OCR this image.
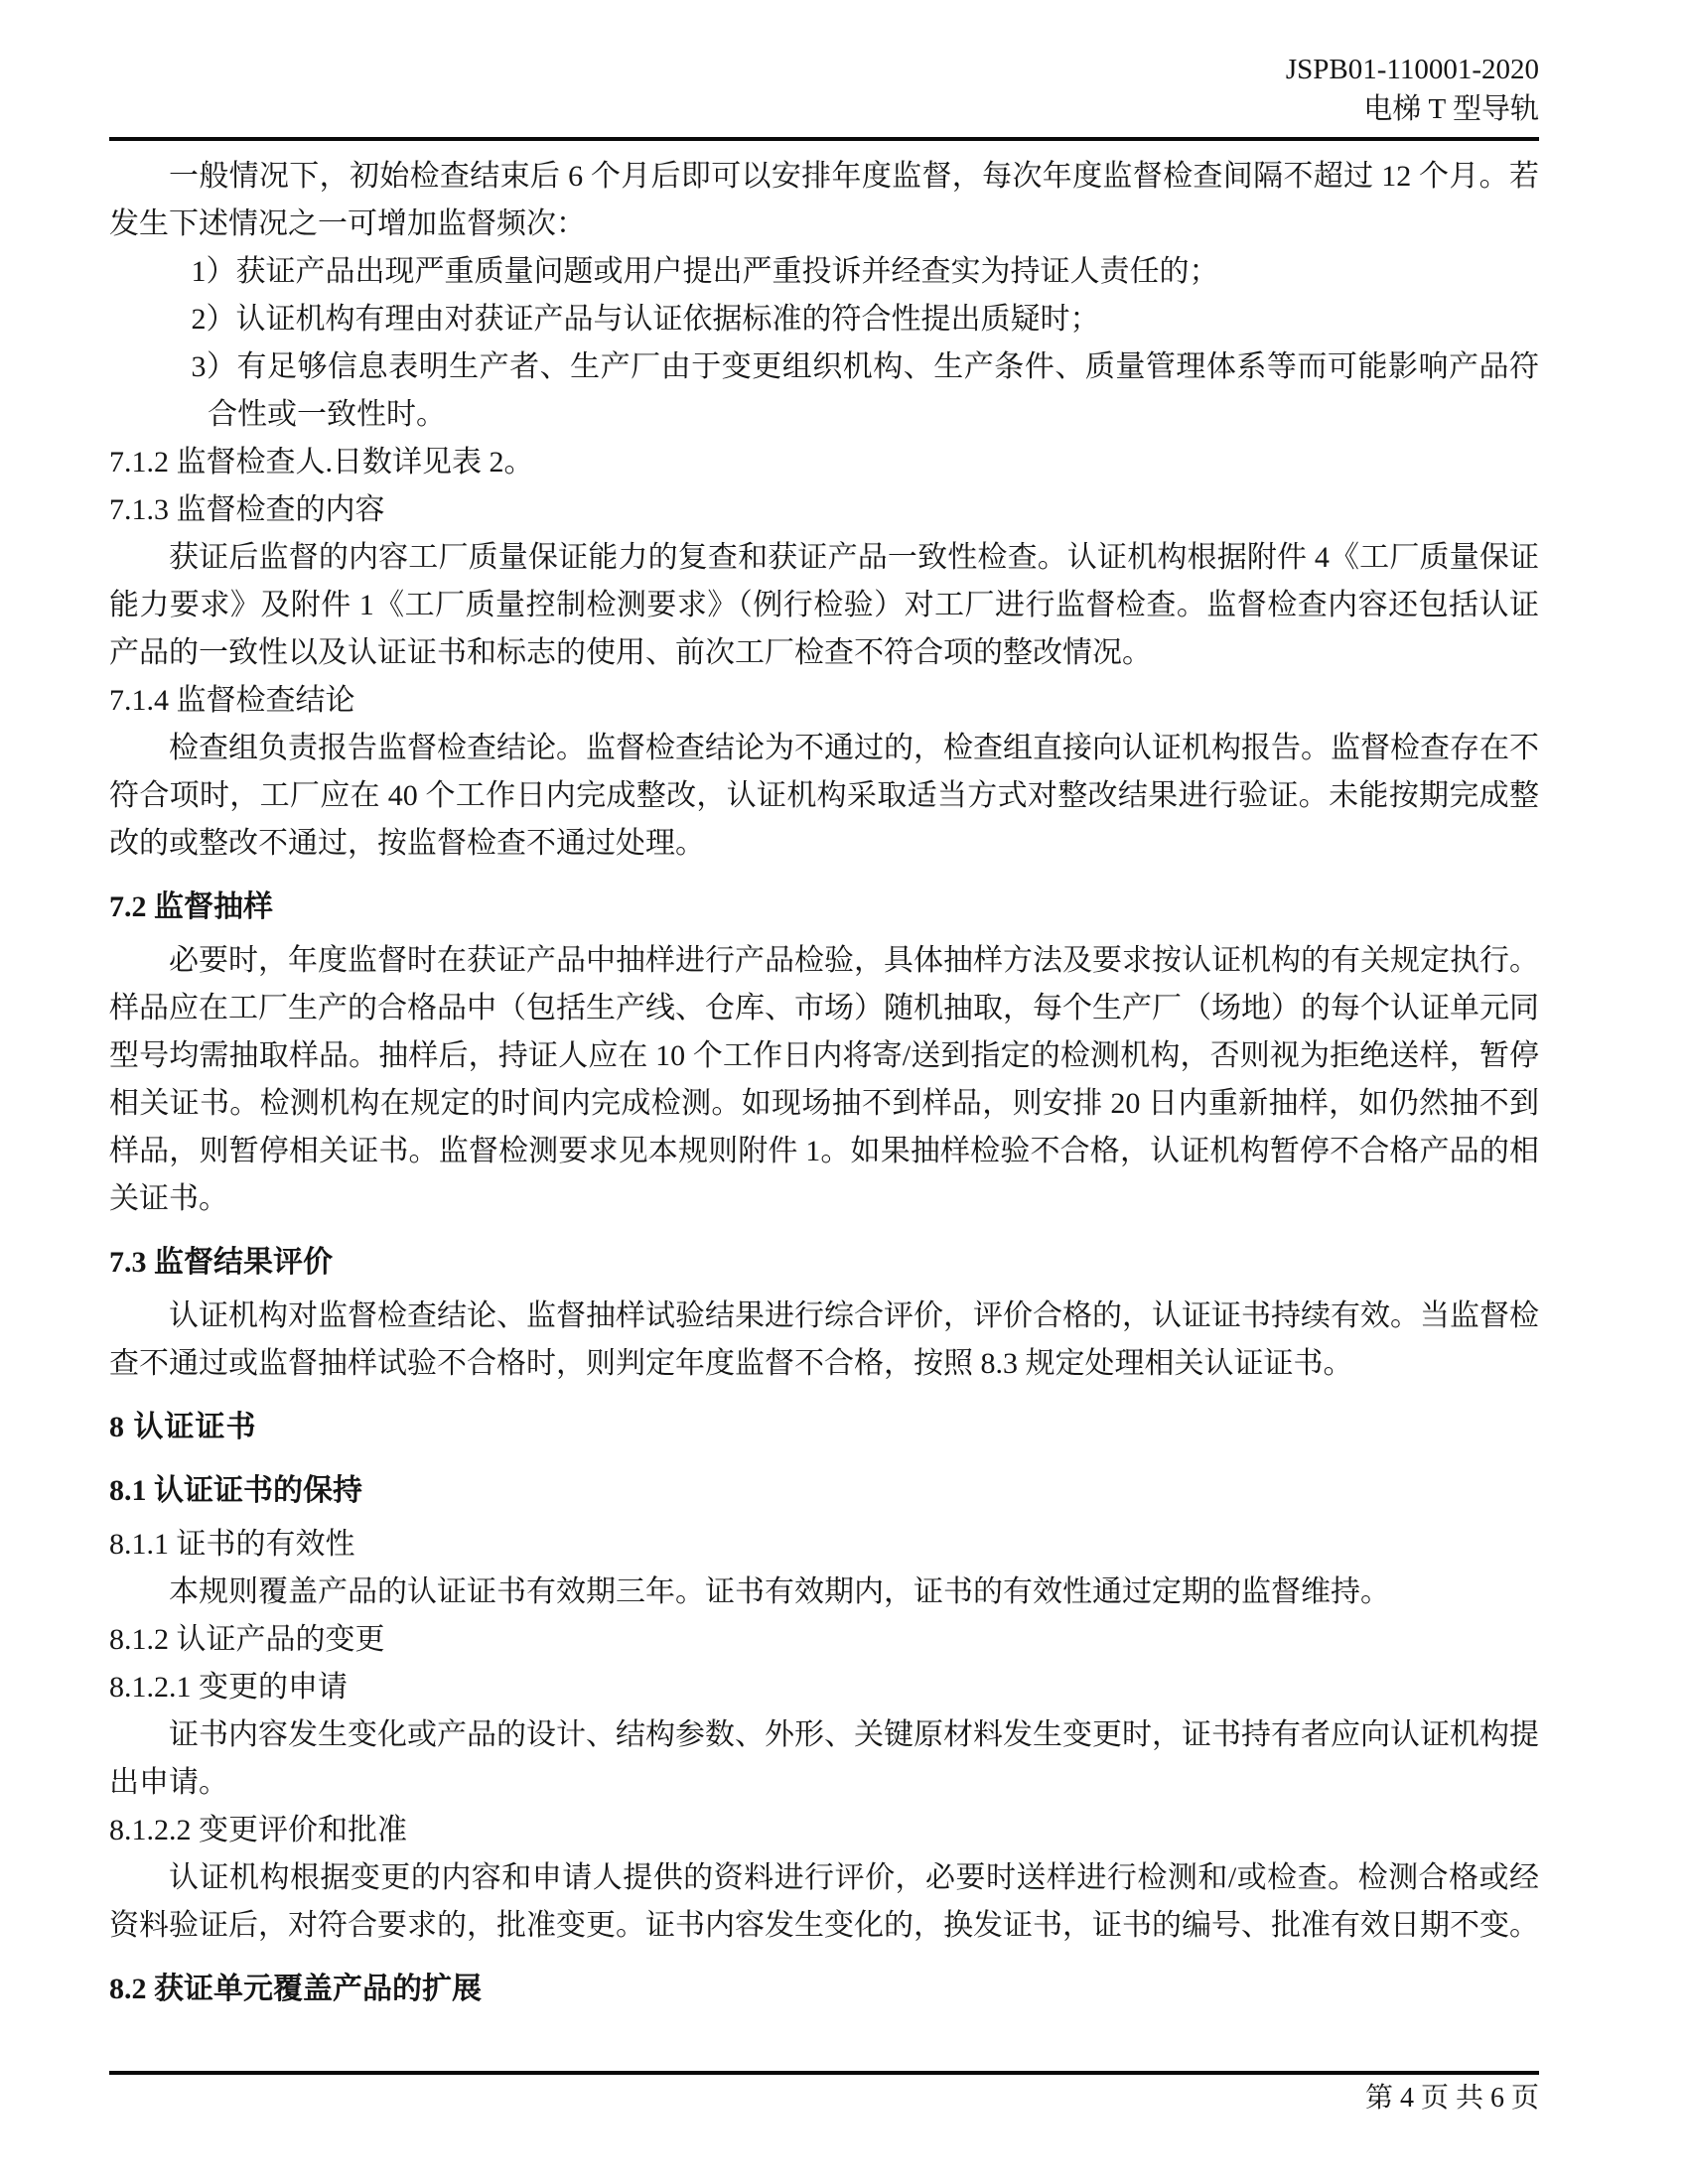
JSPB01-110001-2020
电梯 T 型导轨

一般情况下，初始检查结束后 6 个月后即可以安排年度监督，每次年度监督检查间隔不超过 12 个月。若发生下述情况之一可增加监督频次：

1）获证产品出现严重质量问题或用户提出严重投诉并经查实为持证人责任的；

2）认证机构有理由对获证产品与认证依据标准的符合性提出质疑时；

3）有足够信息表明生产者、生产厂由于变更组织机构、生产条件、质量管理体系等而可能影响产品符合性或一致性时。

7.1.2 监督检查人.日数详见表 2。

7.1.3 监督检查的内容

获证后监督的内容工厂质量保证能力的复查和获证产品一致性检查。认证机构根据附件 4《工厂质量保证能力要求》及附件 1《工厂质量控制检测要求》（例行检验）对工厂进行监督检查。监督检查内容还包括认证产品的一致性以及认证证书和标志的使用、前次工厂检查不符合项的整改情况。

7.1.4 监督检查结论

检查组负责报告监督检查结论。监督检查结论为不通过的，检查组直接向认证机构报告。监督检查存在不符合项时，工厂应在 40 个工作日内完成整改，认证机构采取适当方式对整改结果进行验证。未能按期完成整改的或整改不通过，按监督检查不通过处理。

7.2 监督抽样

必要时，年度监督时在获证产品中抽样进行产品检验，具体抽样方法及要求按认证机构的有关规定执行。样品应在工厂生产的合格品中（包括生产线、仓库、市场）随机抽取，每个生产厂（场地）的每个认证单元同型号均需抽取样品。抽样后，持证人应在 10 个工作日内将寄/送到指定的检测机构，否则视为拒绝送样，暂停相关证书。检测机构在规定的时间内完成检测。如现场抽不到样品，则安排 20 日内重新抽样，如仍然抽不到样品，则暂停相关证书。监督检测要求见本规则附件 1。如果抽样检验不合格，认证机构暂停不合格产品的相关证书。

7.3 监督结果评价

认证机构对监督检查结论、监督抽样试验结果进行综合评价，评价合格的，认证证书持续有效。当监督检查不通过或监督抽样试验不合格时，则判定年度监督不合格，按照 8.3 规定处理相关认证证书。

8 认证证书

8.1 认证证书的保持

8.1.1 证书的有效性

本规则覆盖产品的认证证书有效期三年。证书有效期内，证书的有效性通过定期的监督维持。

8.1.2 认证产品的变更

8.1.2.1 变更的申请

证书内容发生变化或产品的设计、结构参数、外形、关键原材料发生变更时，证书持有者应向认证机构提出申请。

8.1.2.2 变更评价和批准

认证机构根据变更的内容和申请人提供的资料进行评价，必要时送样进行检测和/或检查。检测合格或经资料验证后，对符合要求的，批准变更。证书内容发生变化的，换发证书，证书的编号、批准有效日期不变。

8.2 获证单元覆盖产品的扩展

第 4 页 共 6 页
